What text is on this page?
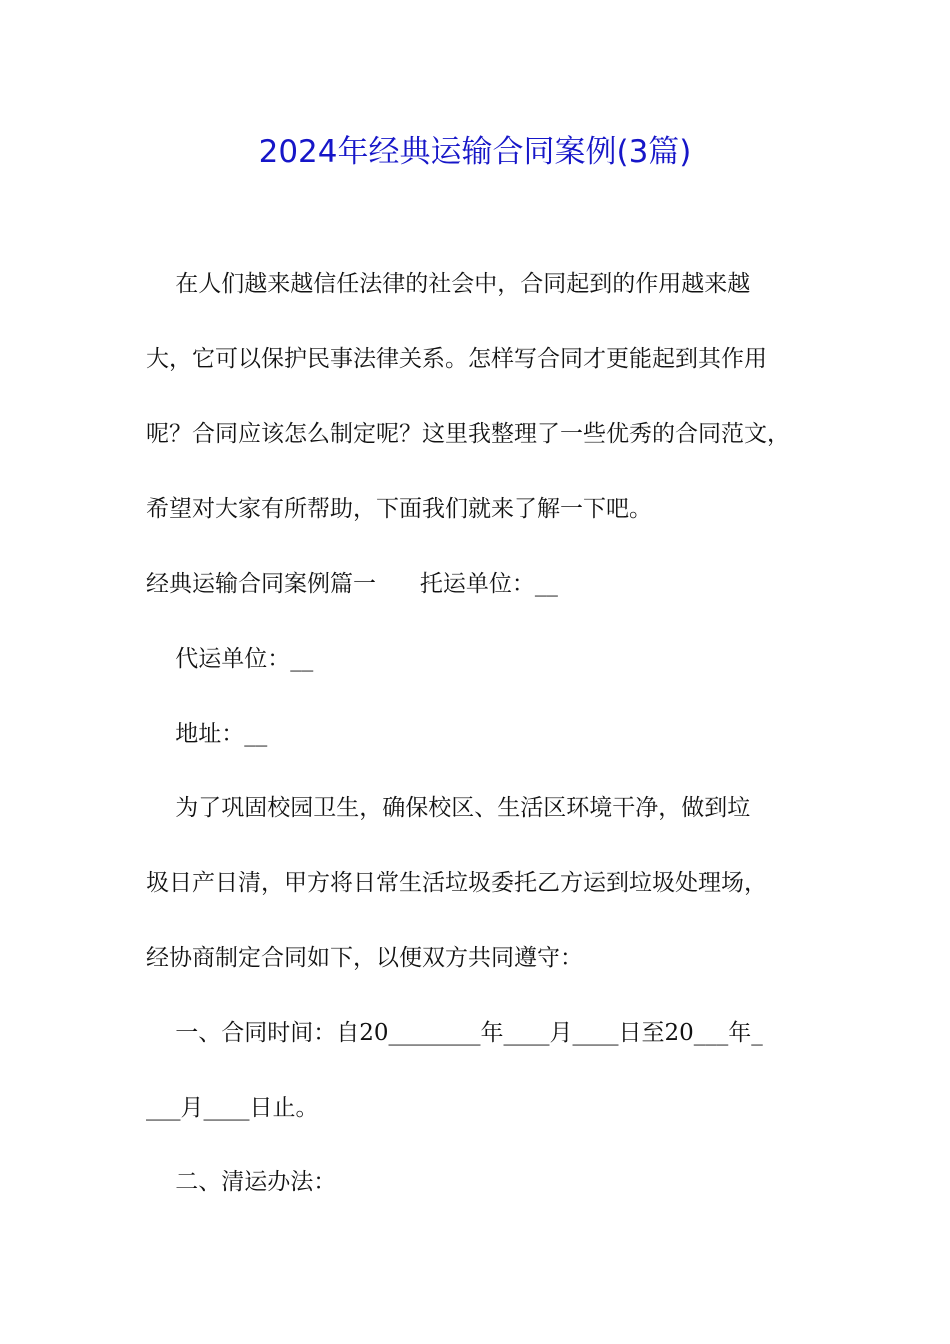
2024年经典运输合同案例(3篇)

在人们越来越信任法律的社会中，合同起到的作用越来越

大，它可以保护民事法律关系。怎样写合同才更能起到其作用

呢？合同应该怎么制定呢？这里我整理了一些优秀的合同范文，

希望对大家有所帮助，下面我们就来了解一下吧。

经典运输合同案例篇一      托运单位：__

代运单位：__

地址：__

为了巩固校园卫生，确保校区、生活区环境干净，做到垃

圾日产日清，甲方将日常生活垃圾委托乙方运到垃圾处理场，

经协商制定合同如下，以便双方共同遵守：

一、合同时间：自20________年____月____日至20___年_

___月____日止。

二、清运办法：
